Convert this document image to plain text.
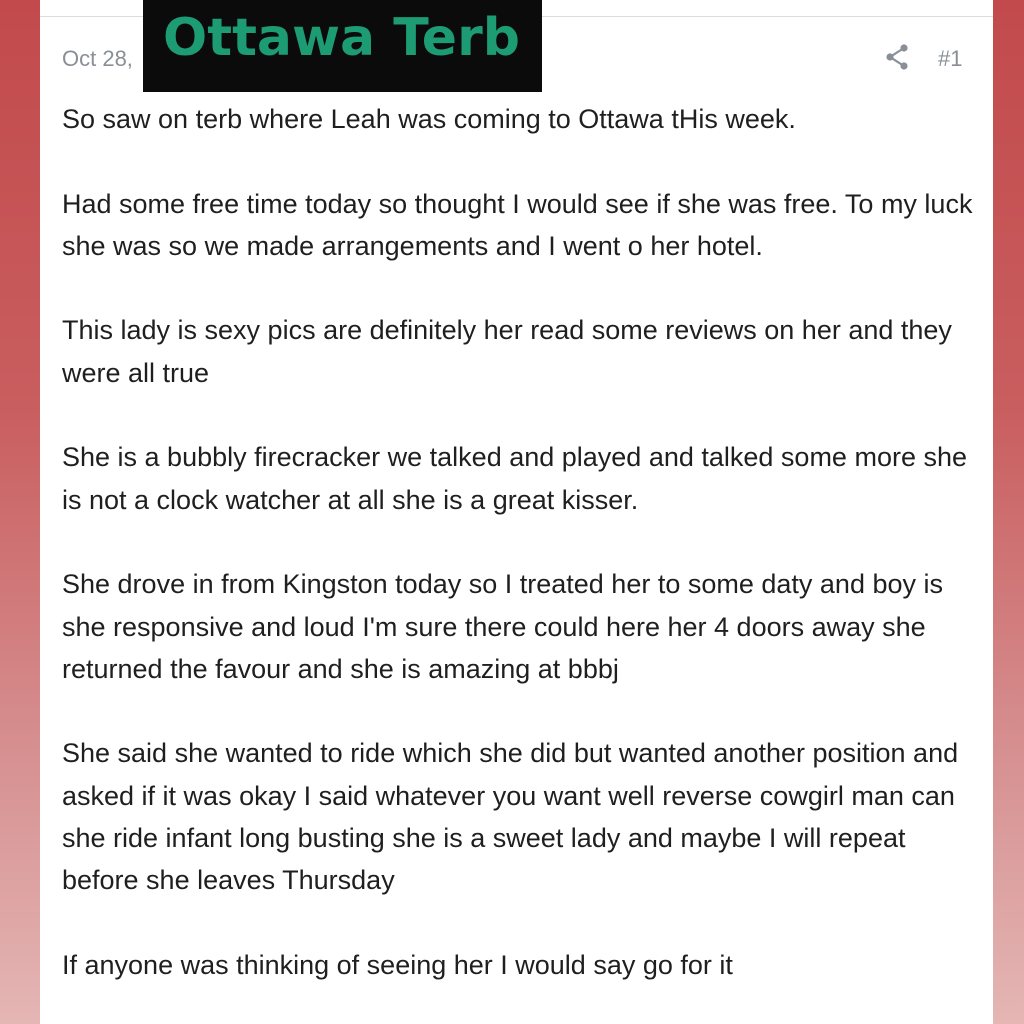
Oct 28,	#1

So saw on terb where Leah was coming to Ottawa tHis week.

Had some free time today so thought I would see if she was free. To my luck she was so we made arrangements and I went o her hotel.

This lady is sexy pics are definitely her read some reviews on her and they were all true

She is a bubbly firecracker we talked and played and talked some more she is not a clock watcher at all she is a great kisser.

She drove in from Kingston today so I treated her to some daty and boy is she responsive and loud I'm sure there could here her 4 doors away she returned the favour and she is amazing at bbbj

She said she wanted to ride which she did but wanted another position and asked if it was okay I said whatever you want well reverse cowgirl man can she ride infant long busting she is a sweet lady and maybe I will repeat before she leaves Thursday

If anyone was thinking of seeing her I would say go for it

Ottawa Terb
